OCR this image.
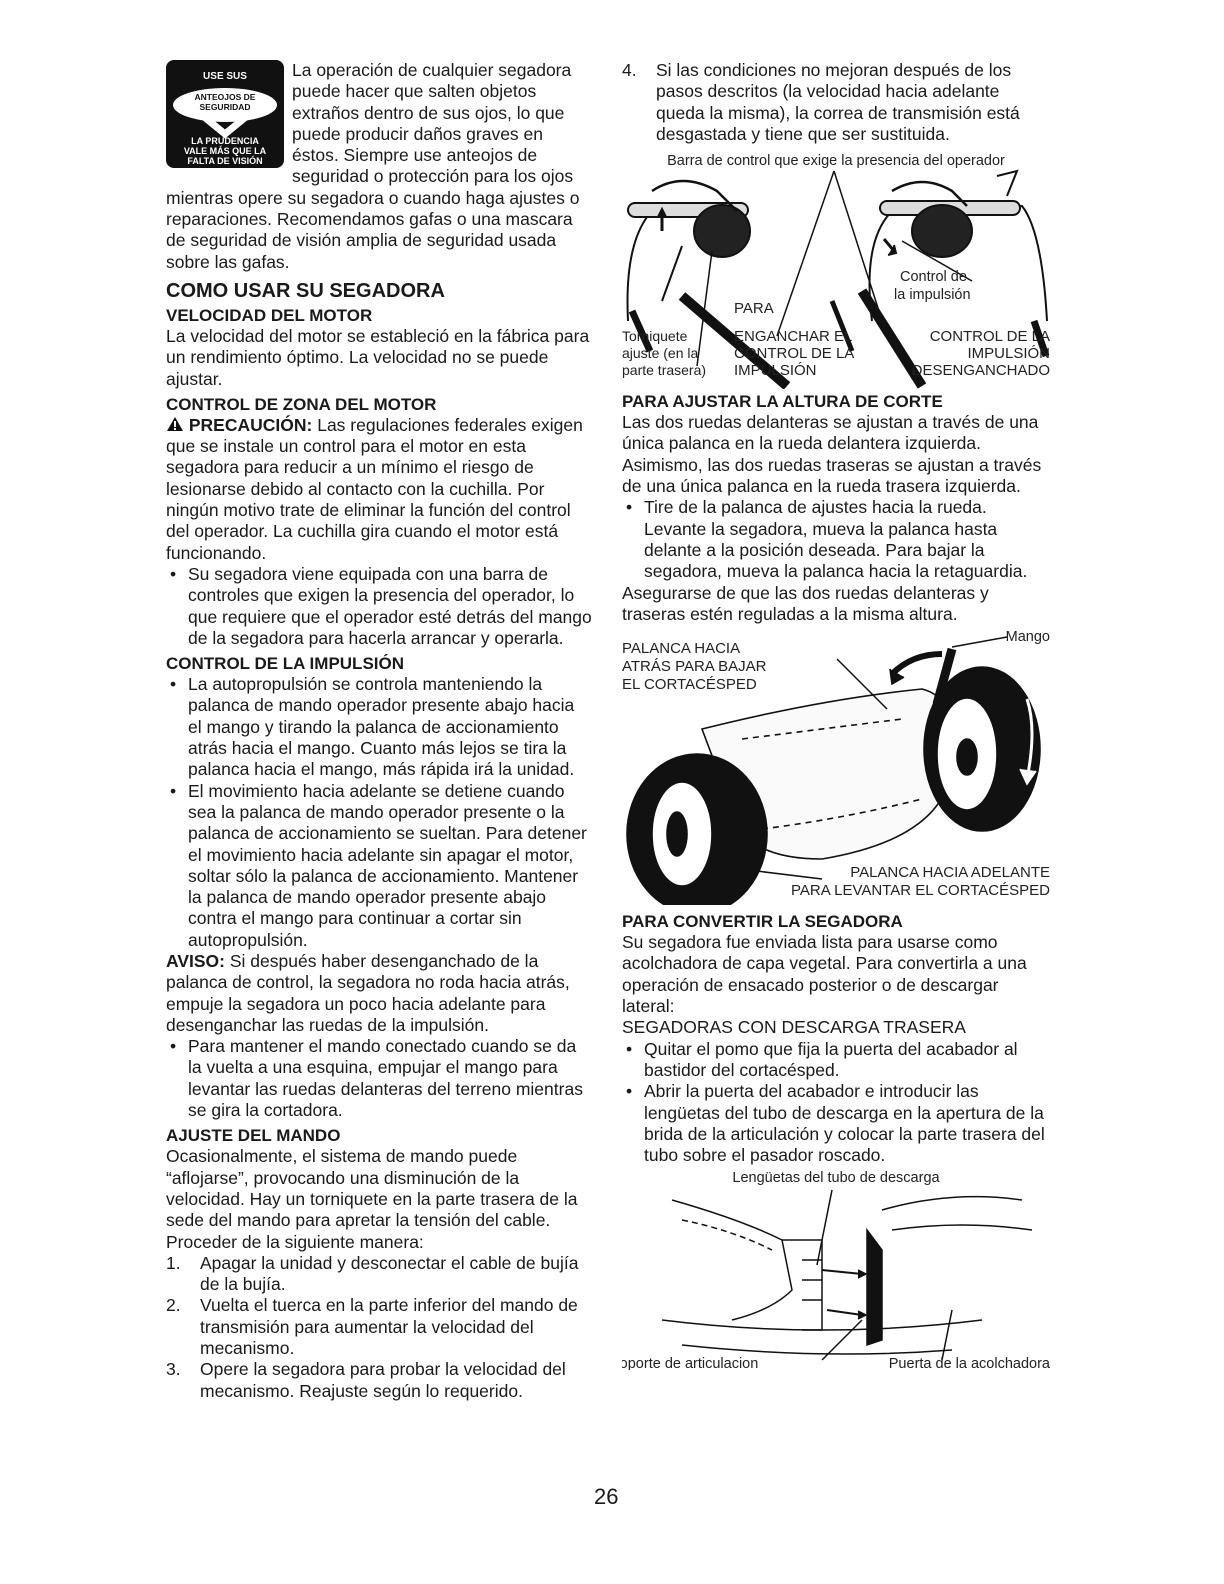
USE SUS
ANTEOJOS DE
SEGURIDAD
LA PRUDENCIA
VALE MÁS QUE LA
FALTA DE VISIÓN

La operación de cualquier segadora puede hacer que salten objetos extraños dentro de sus ojos, lo que puede producir daños graves en éstos. Siempre use anteojos de seguridad o protección para los ojos mientras opere su segadora o cuando haga ajustes o reparaciones. Recomendamos gafas o una mascara de seguridad de visión amplia de seguridad usada sobre las gafas.

COMO USAR SU SEGADORA
VELOCIDAD DEL MOTOR

La velocidad del motor se estableció en la fábrica para un rendimiento óptimo. La velocidad no se puede ajustar.

CONTROL DE ZONA DEL MOTOR

PRECAUCIÓN: Las regulaciones federales exigen que se instale un control para el motor en esta segadora para reducir a un mínimo el riesgo de lesionarse debido al contacto con la cuchilla. Por ningún motivo trate de eliminar la función del control del operador. La cuchilla gira cuando el motor está funcionando.

• Su segadora viene equipada con una barra de controles que exigen la presencia del operador, lo que requiere que el operador esté detrás del mango de la segadora para hacerla arrancar y operarla.
CONTROL DE LA IMPULSIÓN
• La autopropulsión se controla manteniendo la palanca de mando operador presente abajo hacia el mango y tirando la palanca de accionamiento atrás hacia el mango. Cuanto más lejos se tira la palanca hacia el mango, más rápida irá la unidad.
• El movimiento hacia adelante se detiene cuando sea la palanca de mando operador presente o la palanca de accionamiento se sueltan. Para detener el movimiento hacia adelante sin apagar el motor, soltar sólo la palanca de accionamiento. Mantener la palanca de mando operador presente abajo contra el mango para continuar a cortar sin autopropulsión.

AVISO: Si después haber desenganchado de la palanca de control, la segadora no roda hacia atrás, empuje la segadora un poco hacia adelante para desenganchar las ruedas de la impulsión.

• Para mantener el mando conectado cuando se da la vuelta a una esquina, empujar el mango para levantar las ruedas delanteras del terreno mientras se gira la cortadora.
AJUSTE DEL MANDO

Ocasionalmente, el sistema de mando puede “aflojarse”, provocando una disminución de la velocidad. Hay un torniquete en la parte trasera de la sede del mando para apretar la tensión del cable. Proceder de la siguiente manera:

1. Apagar la unidad y desconectar el cable de bujía de la bujía.
2. Vuelta el tuerca en la parte inferior del mando de transmisión para aumentar la velocidad del mecanismo.
3. Opere la segadora para probar la velocidad del mecanismo. Reajuste según lo requerido.
26
4. Si las condiciones no mejoran después de los pasos descritos (la velocidad hacia adelante queda la misma), la correa de transmisión está desgastada y tiene que ser sustituida.
Barra de control que exige la presencia del operador
Control de
la impulsión
PARA
Torniquete
ajuste (en la
parte trasera)
ENGANCHAR EL
CONTROL DE LA
IMPULSIÓN
CONTROL DE LA
IMPULSIÓN
DESENGANCHADO
PARA AJUSTAR LA ALTURA DE CORTE

Las dos ruedas delanteras se ajustan a través de una única palanca en la rueda delantera izquierda. Asimismo, las dos ruedas traseras se ajustan a través de una única palanca en la rueda trasera izquierda.

• Tire de la palanca de ajustes hacia la rueda. Levante la segadora, mueva la palanca hasta delante a la posición deseada. Para bajar la segadora, mueva la palanca hacia la retaguardia.

Asegurarse de que las dos ruedas delanteras y traseras estén reguladas a la misma altura.

Mango
PALANCA HACIA
ATRÁS PARA BAJAR
EL CORTACÉSPED
PALANCA HACIA ADELANTE
PARA LEVANTAR EL CORTACÉSPED
PARA CONVERTIR LA SEGADORA

Su segadora fue enviada lista para usarse como acolchadora de capa vegetal. Para convertirla a una operación de ensacado posterior o de descargar lateral:

SEGADORAS CON DESCARGA TRASERA

• Quitar el pomo que fija la puerta del acabador al bastidor del cortacésped.
• Abrir la puerta del acabador e introducir las lengüetas del tubo de descarga en la apertura de la brida de la articulación y colocar la parte trasera del tubo sobre el pasador roscado.
Lengüetas del tubo de descarga
Soporte de articulacion	Puerta de la acolchadora
